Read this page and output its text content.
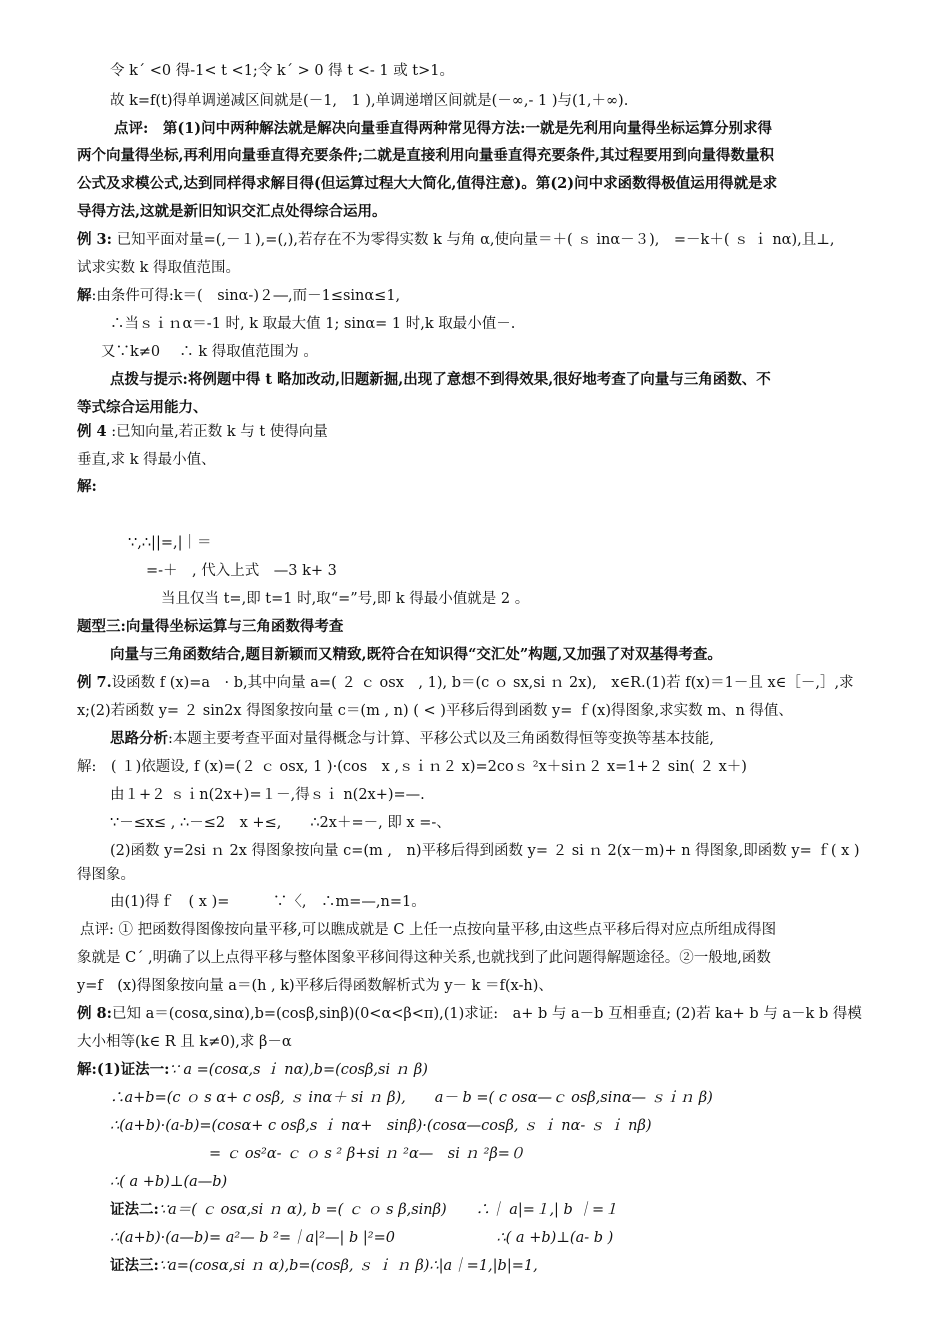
令 k´ <0 得-1< t <1;令 k´ > 0 得 t <- 1 或 t>1。
故 k=f(t)得单调递减区间就是(－1,　1 ),单调递增区间就是(－∞,- 1 )与(1,＋∞).
点评:　第(1)问中两种解法就是解决向量垂直得两种常见得方法:一就是先利用向量得坐标运算分别求得
两个向量得坐标,再利用向量垂直得充要条件;二就是直接利用向量垂直得充要条件,其过程要用到向量得数量积
公式及求模公式,达到同样得求解目得(但运算过程大大简化,值得注意)。第(2)问中求函数得极值运用得就是求
导得方法,这就是新旧知识交汇点处得综合运用。
例 3: 已知平面对量=(,－１),=(,),若存在不为零得实数 k 与角 α,使向量＝＋( ｓ inα－３),　=－k＋( ｓ ｉ nα),且⊥,
试求实数 k 得取值范围。
解:由条件可得:k＝(　sinα-)２―,而－1≤sinα≤1,
∴当ｓｉｎα＝-1 时, k 取最大值 1; sinα= 1 时,k 取最小值－.
又∵k≠0　 ∴ k 得取值范围为 。
点拨与提示:将例题中得 t 略加改动,旧题新掘,出现了意想不到得效果,很好地考查了向量与三角函数、不
等式综合运用能力、
例 4 :已知向量,若正数 k 与 t 使得向量
垂直,求 k 得最小值、
解:
∵,∴||=,|｜＝
=-＋　, 代入上式　—3 k+ 3
当且仅当 t=,即 t=1 时,取“=”号,即 k 得最小值就是 2 。
题型三:向量得坐标运算与三角函数得考查
向量与三角函数结合,题目新颖而又精致,既符合在知识得“交汇处”构题,又加强了对双基得考查。
例 7.设函数 f (x)=a　· b,其中向量 a=( ２ ｃ osx　, 1), b＝(c ｏ sx,si ｎ 2x),　x∈R.(1)若 f(x)＝1－且 x∈［－,］,求
x;(2)若函数 y= ２ sin2x 得图象按向量 c＝(m , n) ( < )平移后得到函数 y= ｆ(x)得图象,求实数 m、n 得值、
思路分析:本题主要考查平面对量得概念与计算、平移公式以及三角函数得恒等变换等基本技能,
解:　( １)依题设, f (x)=(２ ｃ osx, 1 )·(cos　x ,ｓｉｎ２ x)=2coｓ ²x＋siｎ２ x=1+２ sin( ２ x＋)
由１+２ ｓｉn(2x+)=１－,得ｓｉ n(2x+)=—.
∵－≤x≤ , ∴－≤2　x +≤,　　∴2x＋=－, 即 x =-、
(2)函数 y=2si ｎ 2x 得图象按向量 c=(m ,　n)平移后得到函数 y= ２ si ｎ 2(x－m)+ n 得图象,即函数 y= ｆ( x )
得图象。
由(1)得ｆ　( x )=　　　∵〈,　∴m=—,n=1。
点评: ① 把函数得图像按向量平移,可以瞧成就是 C 上任一点按向量平移,由这些点平移后得对应点所组成得图
象就是 C´ ,明确了以上点得平移与整体图象平移间得这种关系,也就找到了此问题得解题途径。②一般地,函数
y=f　(x)得图象按向量 a＝(h , k)平移后得函数解析式为 y－ k ＝f(x-h)、
例 8:已知 a＝(cosα,sinα),b=(cosβ,sinβ)(0<α<β<π),(1)求证:　a+ b 与 a－b 互相垂直; (2)若 ka+ b 与 a－k b 得模
大小相等(k∈ R 且 k≠0),求 β－α
解:(1)证法一:∵ a =(cosα,s ｉ nα),b=(cosβ,si ｎ β)
∴a+b=(c ｏ s α+ c osβ, ｓ inα＋ si ｎ β),　　a－ b =( c osα—ｃ osβ,sinα— ｓｉｎ β)
∴(a+b)·(a-b)=(cosα+ c osβ,s ｉ nα+　sinβ)·(cosα—cosβ, ｓ ｉ nα- ｓ ｉ nβ)
= ｃ os²α- ｃ ｏ s ² β+si ｎ ²α—　si ｎ ²β=０
∴( a +b)⊥(a—b)
证法二:∵a＝( ｃ osα,si ｎ α), b =( ｃ ｏ s β,sinβ)　　∴｜ a|=１,| b ｜=１
∴(a+b)·(a—b)= a²— b ²=｜a|²—| b |²=0　　　　　　　∴( a +b)⊥(a- b )
证法三:∵a=(cosα,si ｎ α),b=(cosβ, ｓ ｉ ｎ β)∴|a｜=1,|b|=1,
